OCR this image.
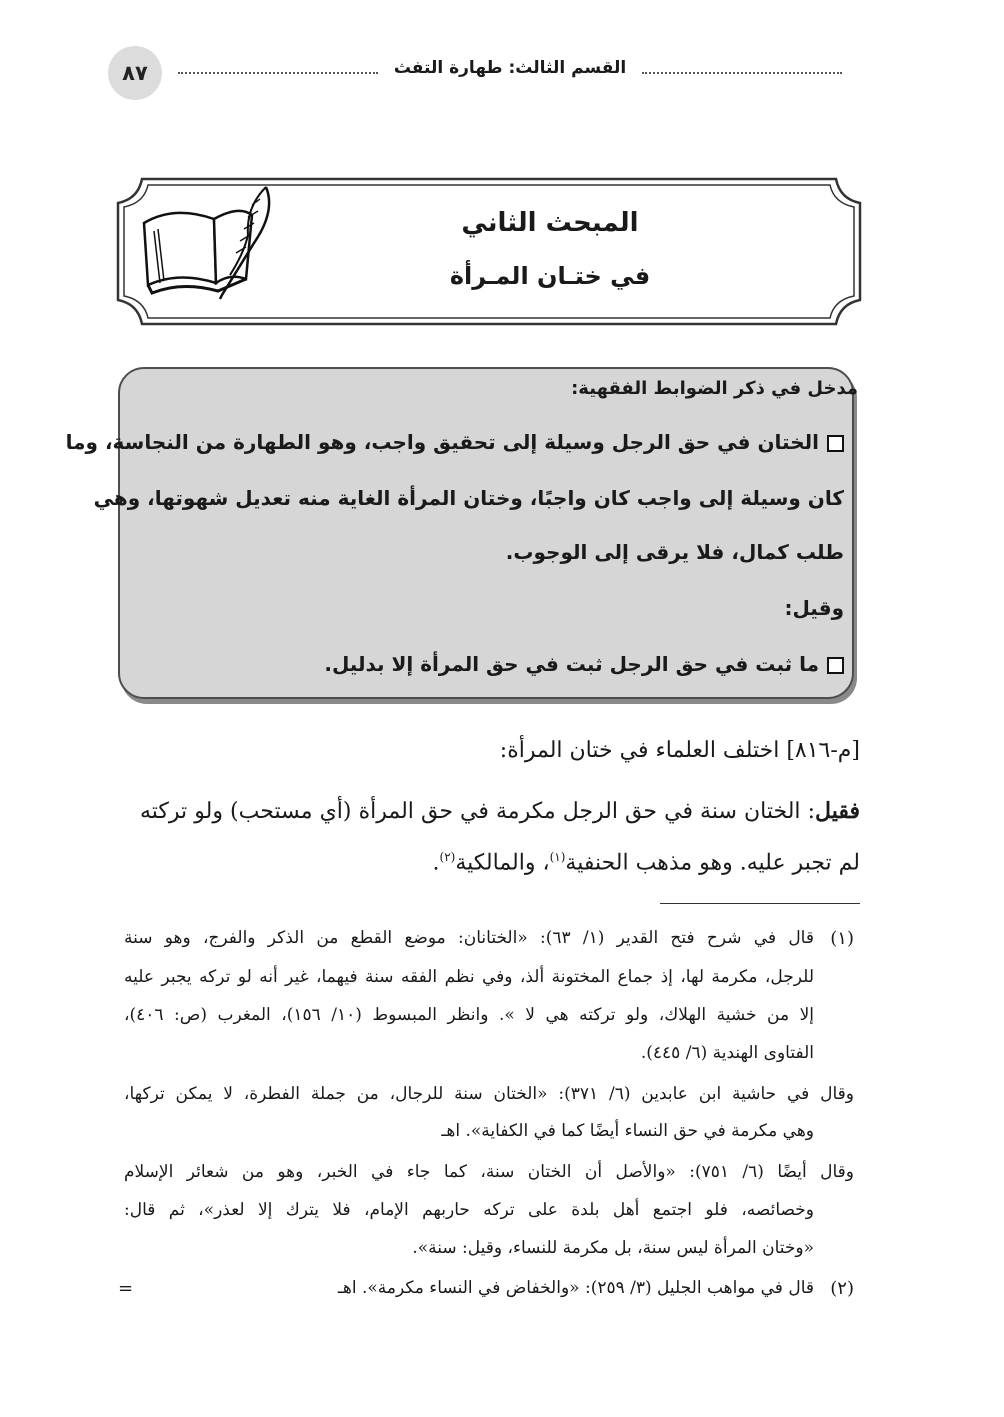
٨٧	القسم الثالث: طهارة التفث
المبحث الثاني
في ختـان المـرأة
مدخل في ذكر الضوابط الفقهية:
الختان في حق الرجل وسيلة إلى تحقيق واجب، وهو الطهارة من النجاسة، وما
كان وسيلة إلى واجب كان واجبًا، وختان المرأة الغاية منه تعديل شهوتها، وهي
طلب كمال، فلا يرقى إلى الوجوب.
وقيل:
ما ثبت في حق الرجل ثبت في حق المرأة إلا بدليل.
[م-٨١٦] اختلف العلماء في ختان المرأة:
فقيل: الختان سنة في حق الرجل مكرمة في حق المرأة (أي مستحب) ولو تركته
لم تجبر عليه. وهو مذهب الحنفية$^{(١)}$، والمالكية$^{(٢)}$.
(١)
قال في شرح فتح القدير (١/ ٦٣): «الختانان: موضع القطع من الذكر والفرج، وهو سنة
للرجل، مكرمة لها، إذ جماع المختونة ألذ، وفي نظم الفقه سنة فيهما، غير أنه لو تركه يجبر عليه
إلا من خشية الهلاك، ولو تركته هي لا ». وانظر المبسوط (١٠/ ١٥٦)، المغرب (ص: ٤٠٦)،
الفتاوى الهندية (٦/ ٤٤٥).
وقال في حاشية ابن عابدين (٦/ ٣٧١): «الختان سنة للرجال، من جملة الفطرة، لا يمكن تركها،
وهي مكرمة في حق النساء أيضًا كما في الكفاية». اهـ
وقال أيضًا (٦/ ٧٥١): «والأصل أن الختان سنة، كما جاء في الخبر، وهو من شعائر الإسلام
وخصائصه، فلو اجتمع أهل بلدة على تركه حاربهم الإمام، فلا يترك إلا لعذر»، ثم قال:
«وختان المرأة ليس سنة، بل مكرمة للنساء، وقيل: سنة».
(٢)
قال في مواهب الجليل (٣/ ٢٥٩): «والخفاض في النساء مكرمة». اهـ
=
